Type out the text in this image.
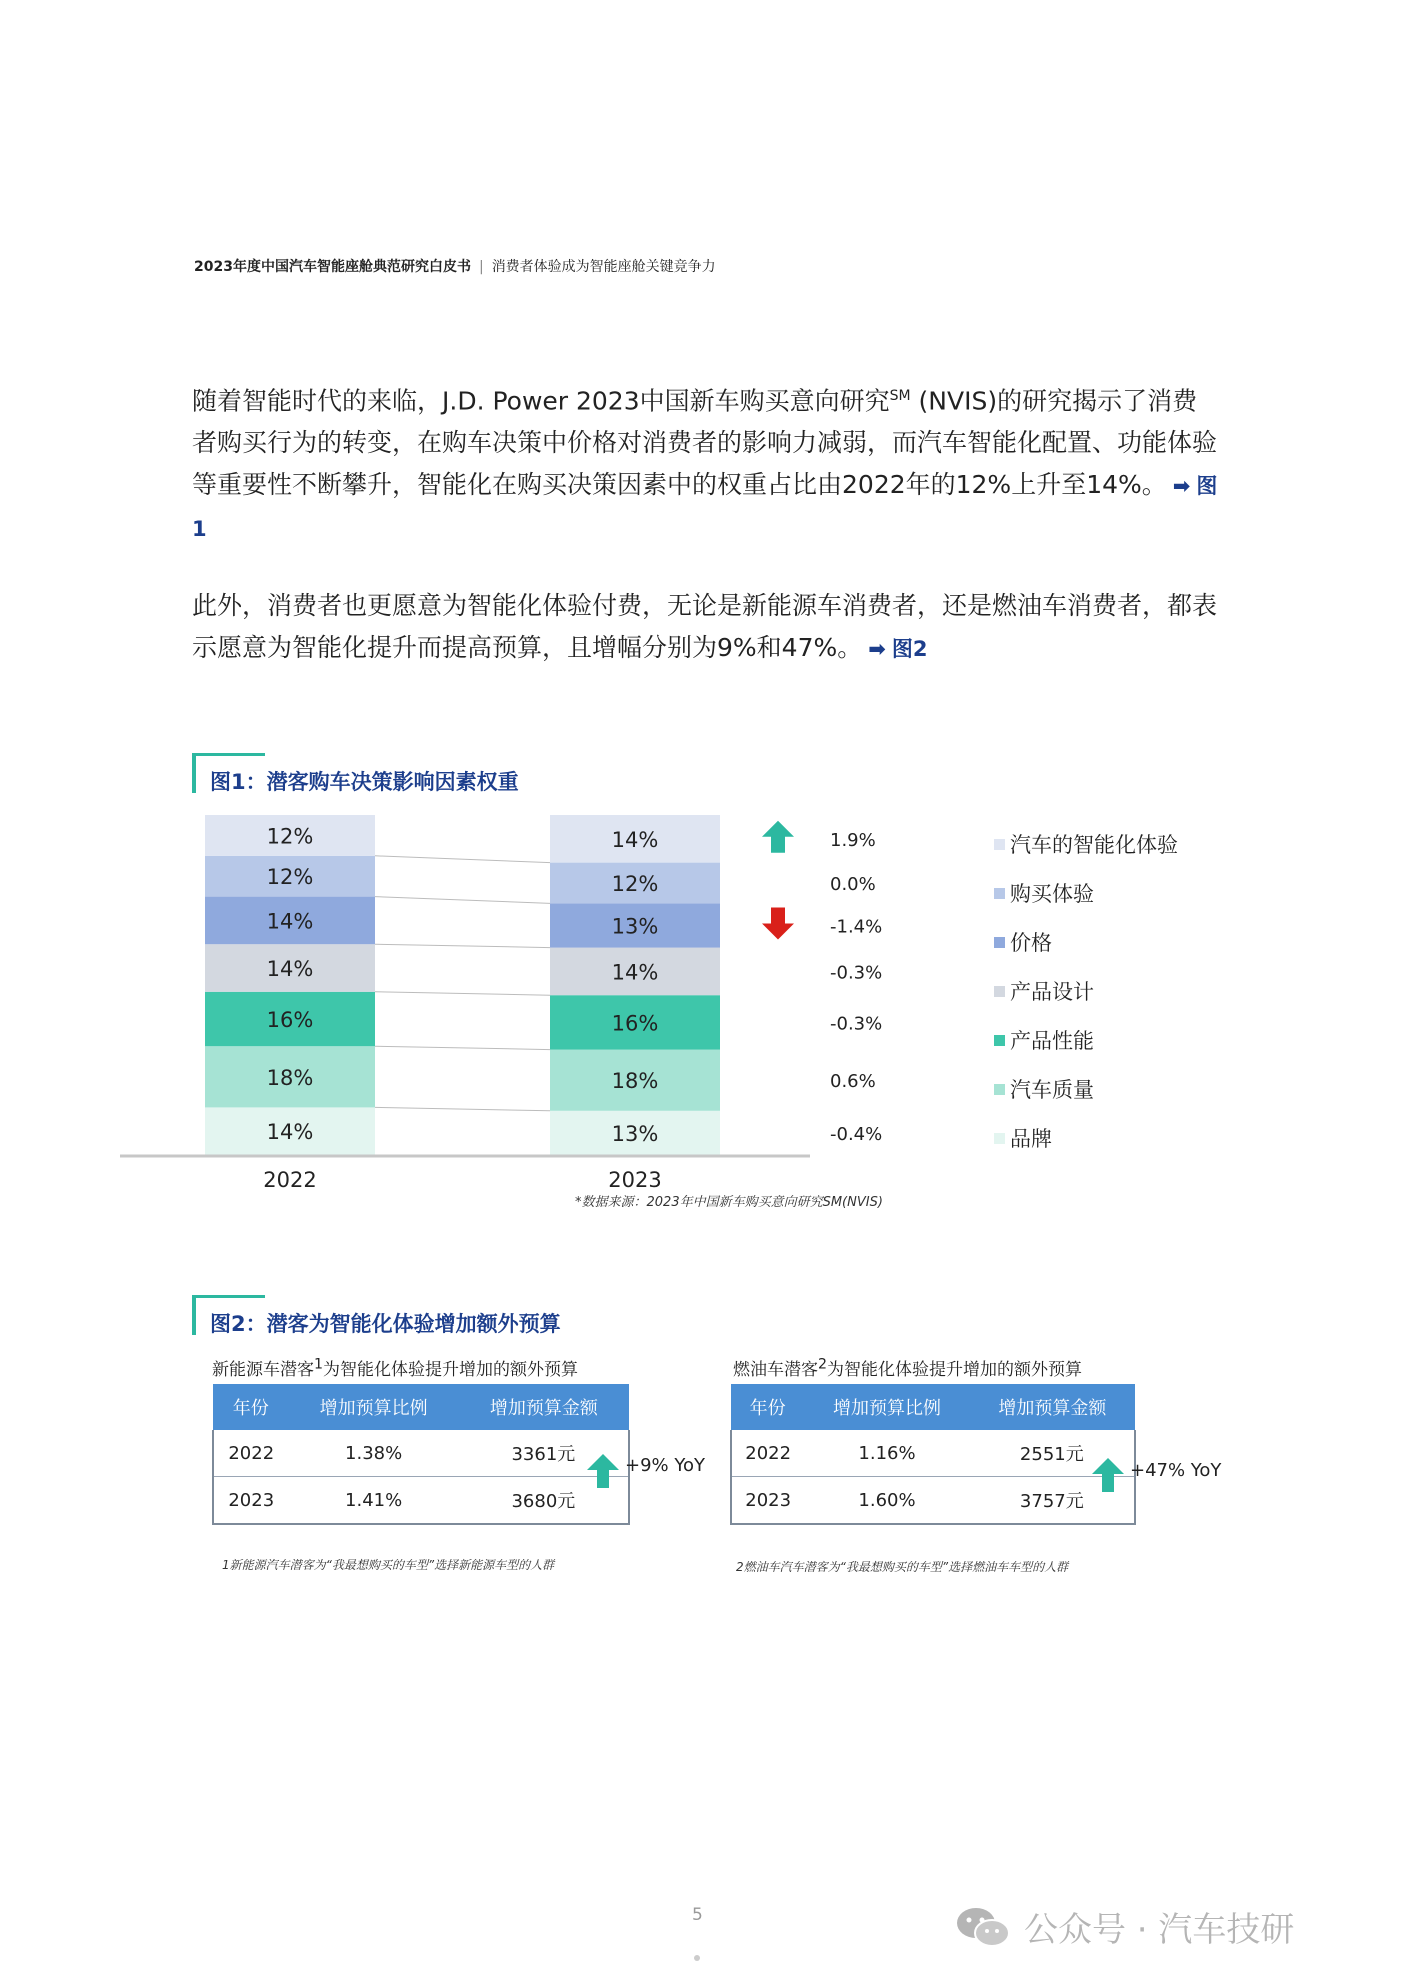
2023年度中国汽车智能座舱典范研究白皮书 | 消费者体验成为智能座舱关键竞争力

随着智能时代的来临，J.D. Power 2023中国新车购买意向研究℠ (NVIS)的研究揭示了消费者购买行为的转变，在购车决策中价格对消费者的影响力减弱，而汽车智能化配置、功能体验等重要性不断攀升，智能化在购买决策因素中的权重占比由2022年的12%上升至14%。 ➡ 图1

此外，消费者也更愿意为智能化体验付费，无论是新能源车消费者，还是燃油车消费者，都表示愿意为智能化提升而提高预算，且增幅分别为9%和47%。 ➡ 图2

图1：潜客购车决策影响因素权重
14%
18%
16%
14%
14%
12%
12%
2022
13%
18%
16%
14%
13%
12%
14%
2023
1.9%
0.0%
-1.4%
-0.3%
-0.3%
0.6%
-0.4%
汽车的智能化体验
购买体验
价格
产品设计
产品性能
汽车质量
品牌
*数据来源：2023年中国新车购买意向研究SM(NVIS)
图2：潜客为智能化体验增加额外预算
新能源车潜客$^1$为智能化体验提升增加的额外预算
年份	增加预算比例	增加预算金额
2022	1.38%	3361元
2023	1.41%	3680元
+9% YoY
1新能源汽车潜客为“我最想购买的车型”选择新能源车型的人群
燃油车潜客$^2$为智能化体验提升增加的额外预算
年份	增加预算比例	增加预算金额
2022	1.16%	2551元
2023	1.60%	3757元
+47% YoY
2燃油车汽车潜客为“我最想购买的车型”选择燃油车车型的人群
5	公众号 · 汽车技研
